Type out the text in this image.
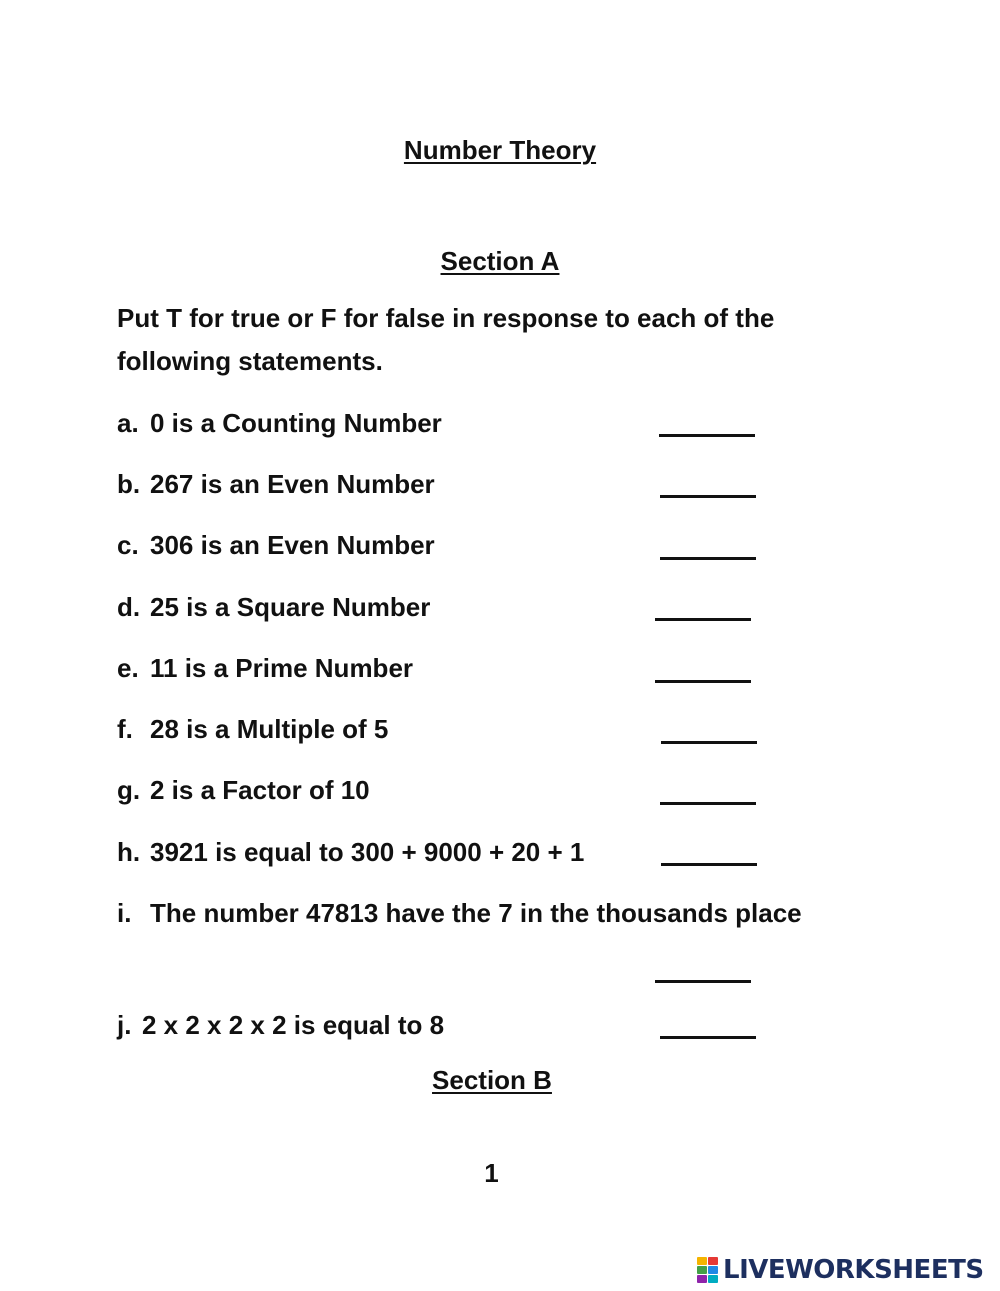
Number Theory
Section A
Put T for true or F for false in response to each of the following statements.
a. 0 is a Counting Number
b. 267 is an Even Number
c. 306 is an Even Number
d. 25 is a Square Number
e. 11 is a Prime Number
f. 28 is a Multiple of 5
g. 2 is a Factor of 10
h. 3921 is equal to 300 + 9000 + 20 + 1
i. The number 47813 have the 7 in the thousands place
j. 2 x 2 x 2 x 2 is equal to 8
Section B
1
LIVEWORKSHEETS
